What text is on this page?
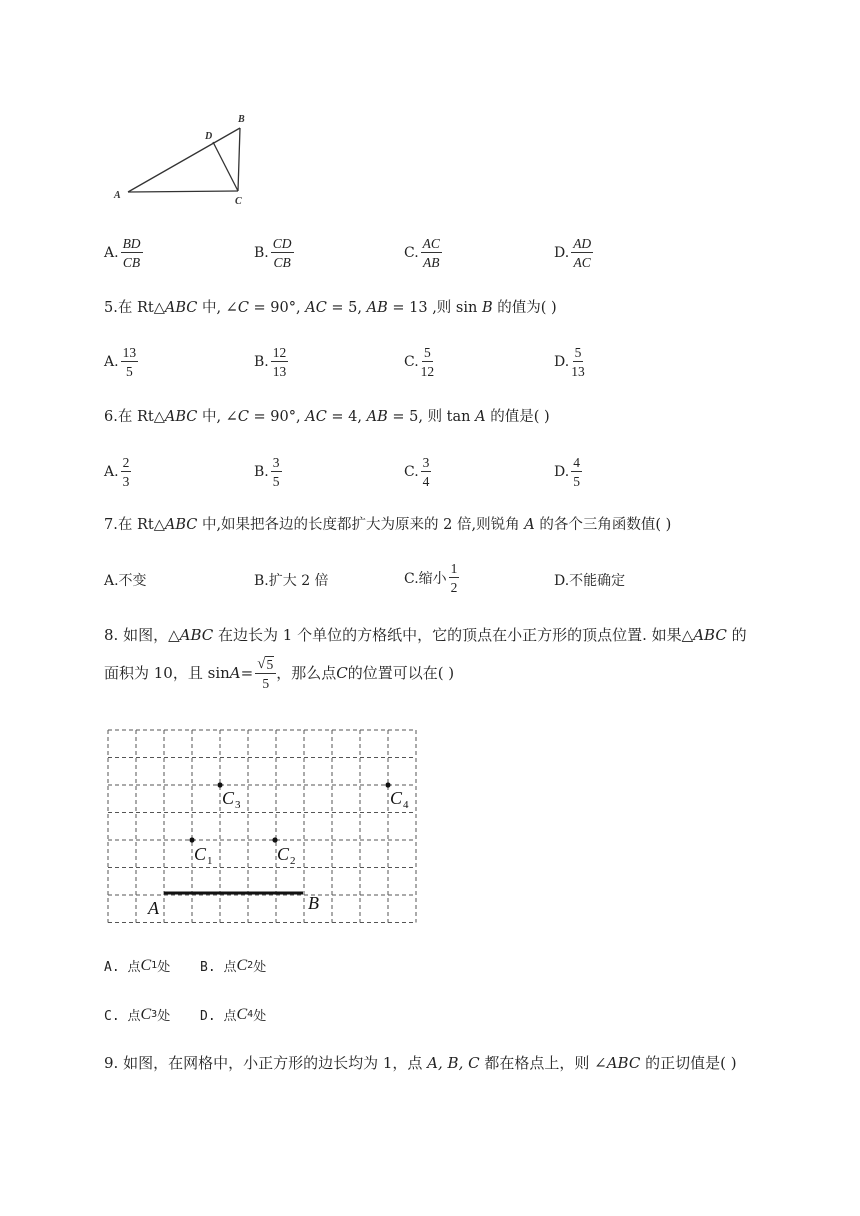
A
B
C
D
A. $\frac{BD}{CB}$	B. $\frac{CD}{CB}$	C. $\frac{AC}{AB}$	D. $\frac{AD}{AC}$
5.在 Rt△ABC 中, ∠C = 90°, AC = 5, AB = 13 ,则 sin B 的值为( )
A. $\frac{13}{5}$	B. $\frac{12}{13}$	C. $\frac{5}{12}$	D. $\frac{5}{13}$
6.在 Rt△ABC 中, ∠C = 90°, AC = 4, AB = 5, 则 tan A 的值是( )
A. $\frac{2}{3}$	B. $\frac{3}{5}$	C. $\frac{3}{4}$	D. $\frac{4}{5}$
7.在 Rt△ABC 中,如果把各边的长度都扩大为原来的 2 倍,则锐角 A 的各个三角函数值( )
A.不变	B.扩大 2 倍	C.缩小 $\frac{1}{2}$	D.不能确定
8. 如图，△ABC 在边长为 1 个单位的方格纸中，它的顶点在小正方形的顶点位置. 如果△ABC 的
面积为 10，且 $\sin A = \frac{√ 5}{5}$ ，那么点 C 的位置可以在( )
A	B
C 3	C 4
C 1	C 2
A. 点 C 1 处 B. 点 C 2 处
C. 点 C 3 处 D. 点 C 4 处
9. 如图，在网格中，小正方形的边长均为 1，点 A, B, C 都在格点上，则 ∠ABC 的正切值是( )
